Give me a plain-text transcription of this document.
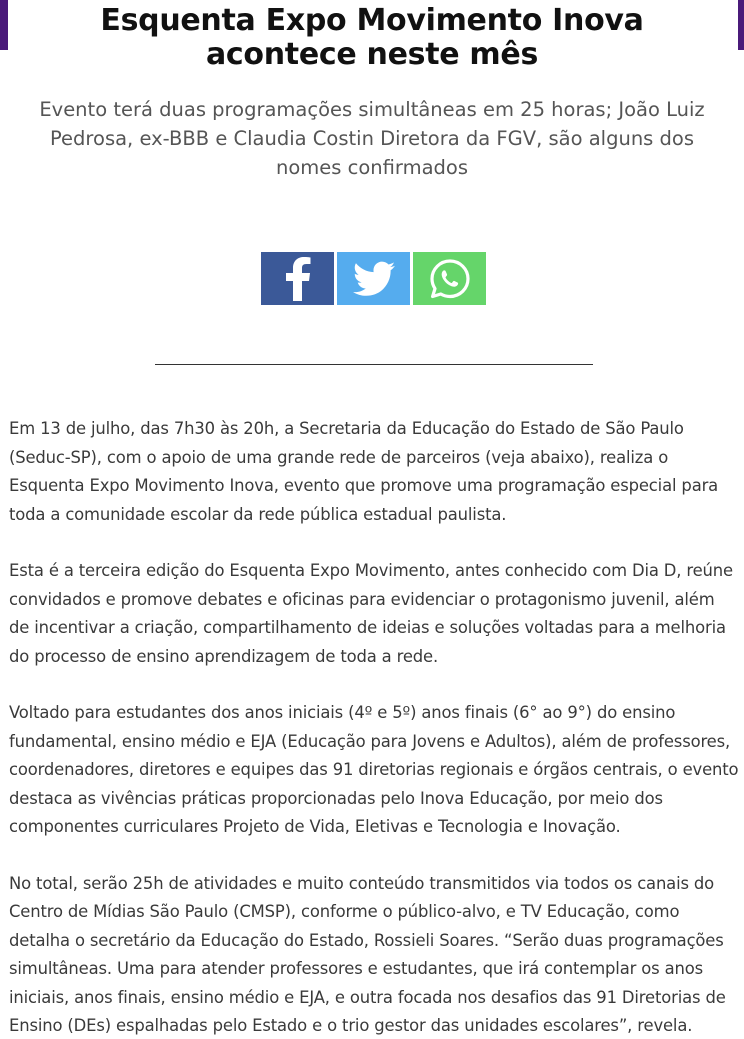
Esquenta Expo Movimento Inova
acontece neste mês
Evento terá duas programações simultâneas em 25 horas; João Luiz Pedrosa, ex-BBB e Claudia Costin Diretora da FGV, são alguns dos nomes confirmados

Em 13 de julho, das 7h30 às 20h, a Secretaria da Educação do Estado de São Paulo (Seduc-SP), com o apoio de uma grande rede de parceiros (veja abaixo), realiza o Esquenta Expo Movimento Inova, evento que promove uma programação especial para toda a comunidade escolar da rede pública estadual paulista.

Esta é a terceira edição do Esquenta Expo Movimento, antes conhecido com Dia D, reúne convidados e promove debates e oficinas para evidenciar o protagonismo juvenil, além de incentivar a criação, compartilhamento de ideias e soluções voltadas para a melhoria do processo de ensino aprendizagem de toda a rede.

Voltado para estudantes dos anos iniciais (4º e 5º) anos finais (6° ao 9°) do ensino fundamental, ensino médio e EJA (Educação para Jovens e Adultos), além de professores, coordenadores, diretores e equipes das 91 diretorias regionais e órgãos centrais, o evento destaca as vivências práticas proporcionadas pelo Inova Educação, por meio dos componentes curriculares Projeto de Vida, Eletivas e Tecnologia e Inovação.

No total, serão 25h de atividades e muito conteúdo transmitidos via todos os canais do Centro de Mídias São Paulo (CMSP), conforme o público-alvo, e TV Educação, como detalha o secretário da Educação do Estado, Rossieli Soares. “Serão duas programações simultâneas. Uma para atender professores e estudantes, que irá contemplar os anos iniciais, anos finais, ensino médio e EJA, e outra focada nos desafios das 91 Diretorias de Ensino (DEs) espalhadas pelo Estado e o trio gestor das unidades escolares”, revela.
